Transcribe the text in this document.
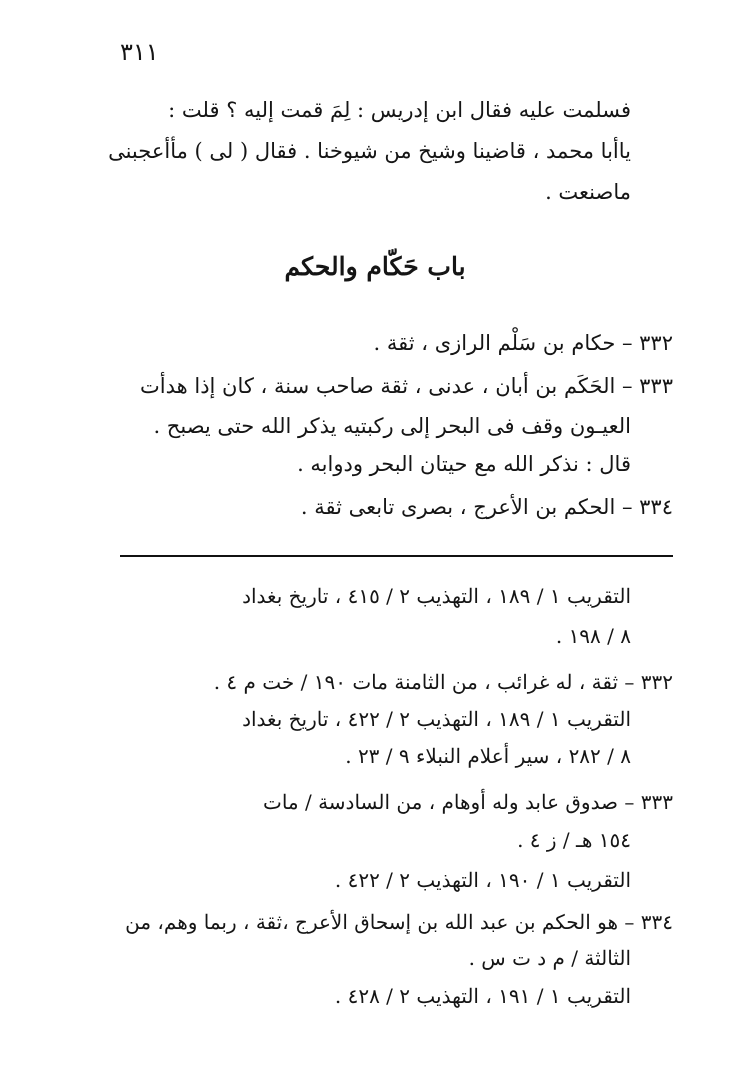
٣١١
فسلمت عليه فقال ابن إدريس : لِمَ قمت إليه ؟ قلت :
ياأبا محمد ، قاضينا وشيخ من شيوخنا . فقال ( لى ) مأأعجبنى
ماصنعت .
باب حَكّام والحكم
٣٣٢ – حكام بن سَلْم الرازى ، ثقة .
٣٣٣ – الحَكَم بن أبان ، عدنى ، ثقة صاحب سنة ، كان إذا هدأت
العيـون وقف فى البحر إلى ركبتيه يذكر الله حتى يصبح .
قال : نذكر الله مع حيتان البحر ودوابه .
٣٣٤ – الحكم بن الأعرج ، بصرى تابعى ثقة .
التقريب ١ / ١٨٩ ، التهذيب ٢ / ٤١٥ ، تاريخ بغداد
٨ / ١٩٨ .
٣٣٢ – ثقة ، له غرائب ، من الثامنة مات ١٩٠ / خت م ٤ .
التقريب ١ / ١٨٩ ، التهذيب ٢ / ٤٢٢ ، تاريخ بغداد
٨ / ٢٨٢ ، سير أعلام النبلاء ٩ / ٢٣ .
٣٣٣ – صدوق عابد وله أوهام ، من السادسة / مات
١٥٤ هـ / ز ٤ .
التقريب ١ / ١٩٠ ، التهذيب ٢ / ٤٢٢ .
٣٣٤ – هو الحكم بن عبد الله بن إسحاق الأعرج ،ثقة ، ربما وهم، من
الثالثة / م د ت س .
التقريب ١ / ١٩١ ، التهذيب ٢ / ٤٢٨ .
